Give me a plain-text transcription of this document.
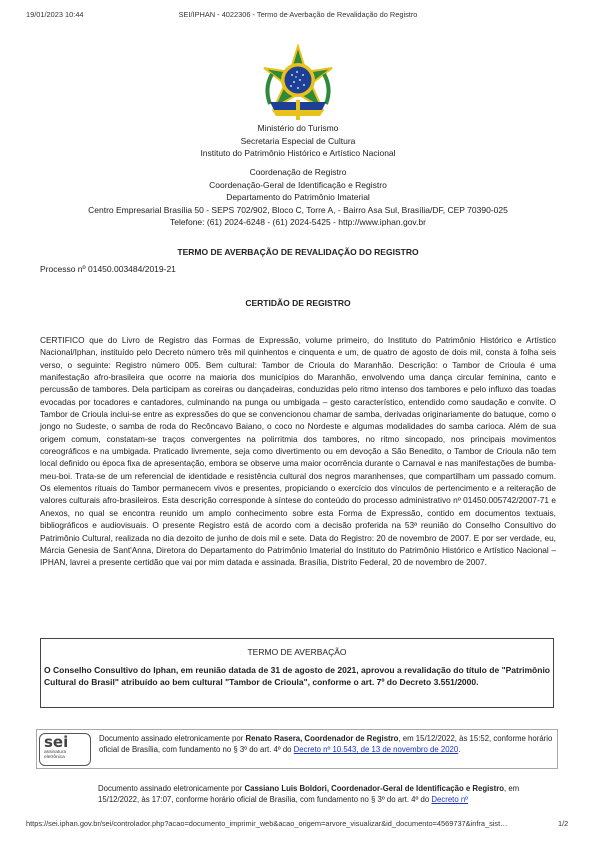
19/01/2023 10:44	SEI/IPHAN - 4022306 - Termo de Averbação de Revalidação do Registro
Ministério do Turismo
Secretaria Especial de Cultura
Instituto do Patrimônio Histórico e Artístico Nacional
Coordenação de Registro
Coordenação-Geral de Identificação e Registro
Departamento do Patrimônio Imaterial
Centro Empresarial Brasília 50 - SEPS 702/902, Bloco C, Torre A, - Bairro Asa Sul, Brasília/DF, CEP 70390-025
Telefone: (61) 2024-6248 - (61) 2024-5425 - http://www.iphan.gov.br
TERMO DE AVERBAÇÃO DE REVALIDAÇÃO DO REGISTRO
Processo nº 01450.003484/2019-21
CERTIDÃO DE REGISTRO
CERTIFICO que do Livro de Registro das Formas de Expressão, volume primeiro, do Instituto do Patrimônio Histórico e Artístico Nacional/Iphan, instituído pelo Decreto número três mil quinhentos e cinquenta e um, de quatro de agosto de dois mil, consta à folha seis verso, o seguinte: Registro número 005. Bem cultural: Tambor de Crioula do Maranhão. Descrição: o Tambor de Crioula é uma manifestação afro-brasileira que ocorre na maioria dos municípios do Maranhão, envolvendo uma dança circular feminina, canto e percussão de tambores. Dela participam as coreiras ou dançadeiras, conduzidas pelo ritmo intenso dos tambores e pelo influxo das toadas evocadas por tocadores e cantadores, culminando na punga ou umbigada – gesto característico, entendido como saudação e convite. O Tambor de Crioula inclui-se entre as expressões do que se convencionou chamar de samba, derivadas originariamente do batuque, como o jongo no Sudeste, o samba de roda do Recôncavo Baiano, o coco no Nordeste e algumas modalidades do samba carioca. Além de sua origem comum, constatam-se traços convergentes na polirritmia dos tambores, no ritmo sincopado, nos principais movimentos coreográficos e na umbigada. Praticado livremente, seja como divertimento ou em devoção a São Benedito, o Tambor de Crioula não tem local definido ou época fixa de apresentação, embora se observe uma maior ocorrência durante o Carnaval e nas manifestações de bumba-meu-boi. Trata-se de um referencial de identidade e resistência cultural dos negros maranhenses, que compartilham um passado comum. Os elementos rituais do Tambor permanecem vivos e presentes, propiciando o exercício dos vínculos de pertencimento e a reiteração de valores culturais afro-brasileiros. Esta descrição corresponde à síntese do conteúdo do processo administrativo nº 01450.005742/2007-71 e Anexos, no qual se encontra reunido um amplo conhecimento sobre esta Forma de Expressão, contido em documentos textuais, bibliográficos e audiovisuais. O presente Registro está de acordo com a decisão proferida na 53ª reunião do Conselho Consultivo do Patrimônio Cultural, realizada no dia dezoito de junho de dois mil e sete. Data do Registro: 20 de novembro de 2007. E por ser verdade, eu, Márcia Genesia de Sant'Anna, Diretora do Departamento do Patrimônio Imaterial do Instituto do Patrimônio Histórico e Artístico Nacional – IPHAN, lavrei a presente certidão que vai por mim datada e assinada. Brasília, Distrito Federal, 20 de novembro de 2007.
TERMO DE AVERBAÇÃO
O Conselho Consultivo do Iphan, em reunião datada de 31 de agosto de 2021, aprovou a revalidação do título de "Patrimônio Cultural do Brasil" atribuído ao bem cultural "Tambor de Crioula", conforme o art. 7º do Decreto 3.551/2000.
sei
assinatura
eletrônica
Documento assinado eletronicamente por Renato Rasera, Coordenador de Registro, em 15/12/2022, às 15:52, conforme horário oficial de Brasília, com fundamento no § 3º do art. 4º do Decreto nº 10.543, de 13 de novembro de 2020.
Documento assinado eletronicamente por Cassiano Luis Boldori, Coordenador-Geral de Identificação e Registro, em 15/12/2022, às 17:07, conforme horário oficial de Brasília, com fundamento no § 3º do art. 4º do Decreto nº
https://sei.iphan.gov.br/sei/controlador.php?acao=documento_imprimir_web&acao_origem=arvore_visualizar&id_documento=4569737&infra_sist…	1/2
